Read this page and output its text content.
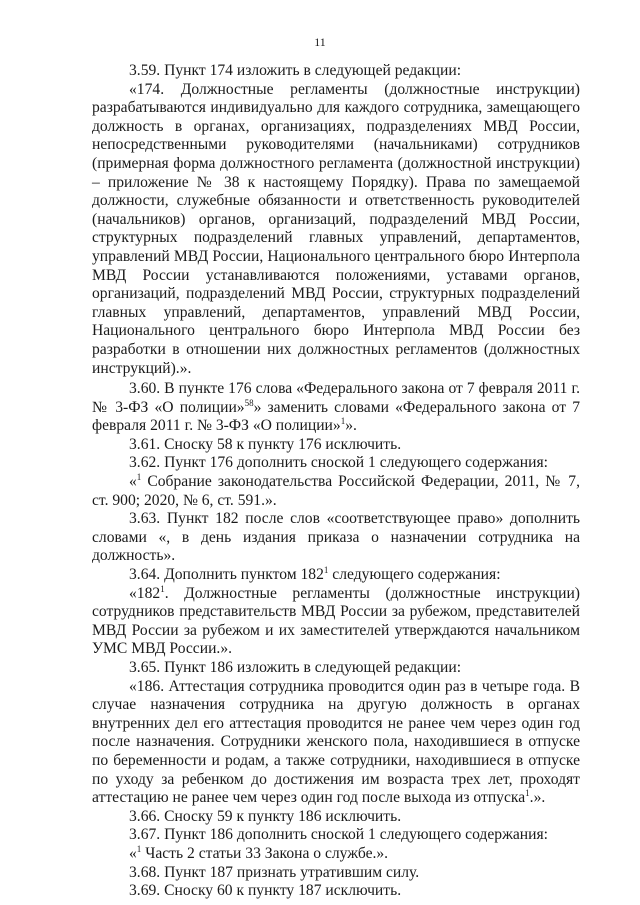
11

3.59. Пункт 174 изложить в следующей редакции:

«174. Должностные регламенты (должностные инструкции) разрабатываются индивидуально для каждого сотрудника, замещающего должность в органах, организациях, подразделениях МВД России, непосредственными руководителями (начальниками) сотрудников (примерная форма должностного регламента (должностной инструкции) – приложение № 38 к настоящему Порядку). Права по замещаемой должности, служебные обязанности и ответственность руководителей (начальников) органов, организаций, подразделений МВД России, структурных подразделений главных управлений, департаментов, управлений МВД России, Национального центрального бюро Интерпола МВД России устанавливаются положениями, уставами органов, организаций, подразделений МВД России, структурных подразделений главных управлений, департаментов, управлений МВД России, Национального центрального бюро Интерпола МВД России без разработки в отношении них должностных регламентов (должностных инструкций).».

3.60. В пункте 176 слова «Федерального закона от 7 февраля 2011 г. № 3-ФЗ «О полиции»$^{58}$» заменить словами «Федерального закона от 7 февраля 2011 г. № 3-ФЗ «О полиции»$^1$».

3.61. Сноску 58 к пункту 176 исключить.

3.62. Пункт 176 дополнить сноской 1 следующего содержания:

«$^1$ Собрание законодательства Российской Федерации, 2011, № 7, ст. 900; 2020, № 6, ст. 591.».

3.63. Пункт 182 после слов «соответствующее право» дополнить словами «, в день издания приказа о назначении сотрудника на должность».

3.64. Дополнить пунктом $182^1$ следующего содержания:

«$182^1$. Должностные регламенты (должностные инструкции) сотрудников представительств МВД России за рубежом, представителей МВД России за рубежом и их заместителей утверждаются начальником УМС МВД России.».

3.65. Пункт 186 изложить в следующей редакции:

«186. Аттестация сотрудника проводится один раз в четыре года. В случае назначения сотрудника на другую должность в органах внутренних дел его аттестация проводится не ранее чем через один год после назначения. Сотрудники женского пола, находившиеся в отпуске по беременности и родам, а также сотрудники, находившиеся в отпуске по уходу за ребенком до достижения им возраста трех лет, проходят аттестацию не ранее чем через один год после выхода из отпуска$^1$.».

3.66. Сноску 59 к пункту 186 исключить.

3.67. Пункт 186 дополнить сноской 1 следующего содержания:

«$^1$ Часть 2 статьи 33 Закона о службе.».

3.68. Пункт 187 признать утратившим силу.

3.69. Сноску 60 к пункту 187 исключить.
